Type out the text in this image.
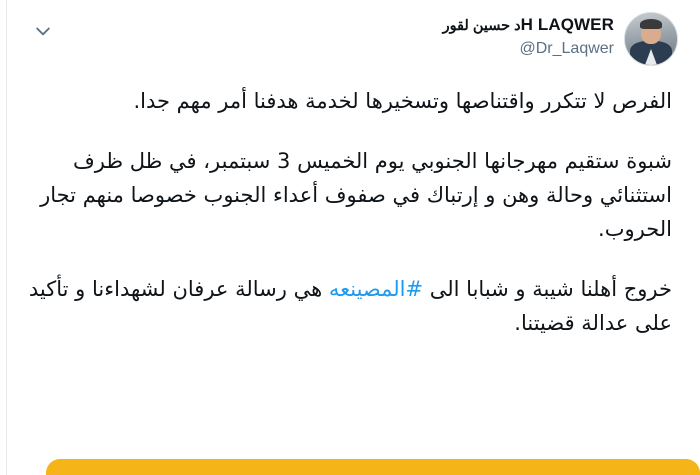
د حسين لقورH LAQWER
@Dr_Laqwer

الفرص لا تتكرر واقتناصها وتسخيرها لخدمة هدفنا أمر مهم جدا.

شبوة ستقيم مهرجانها الجنوبي يوم الخميس 3 سبتمبر، في ظل ظرف استثنائي وحالة وهن و إرتباك في صفوف أعداء الجنوب خصوصا منهم تجار الحروب.

خروج أهلنا شيبة و شبابا الى #المصينعه هي رسالة عرفان لشهداءنا و تأكيد على عدالة قضيتنا.
